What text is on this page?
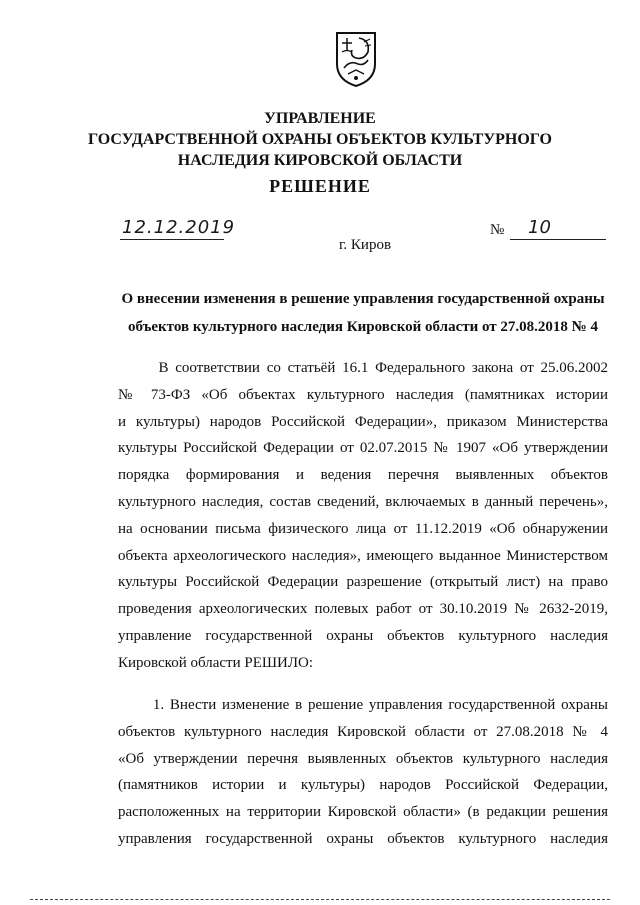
УПРАВЛЕНИЕ
ГОСУДАРСТВЕННОЙ ОХРАНЫ ОБЪЕКТОВ КУЛЬТУРНОГО
НАСЛЕДИЯ КИРОВСКОЙ ОБЛАСТИ
РЕШЕНИЕ
12.12.2019	№ 10
г. Киров
О внесении изменения в решение управления государственной охраны
объектов культурного наследия Кировской области от 27.08.2018 № 4
В соответствии со статьёй 16.1 Федерального закона от 25.06.2002
№ 73-ФЗ «Об объектах культурного наследия (памятниках истории
и культуры) народов Российской Федерации», приказом Министерства
культуры Российской Федерации от 02.07.2015 № 1907 «Об утверждении
порядка формирования и ведения перечня выявленных объектов
культурного наследия, состав сведений, включаемых в данный перечень»,
на основании письма физического лица от 11.12.2019 «Об обнаружении
объекта археологического наследия», имеющего выданное Министерством
культуры Российской Федерации разрешение (открытый лист) на право
проведения археологических полевых работ от 30.10.2019 № 2632-2019,
управление государственной охраны объектов культурного наследия
Кировской области РЕШИЛО:
1. Внести изменение в решение управления государственной охраны
объектов культурного наследия Кировской области от 27.08.2018 № 4
«Об утверждении перечня выявленных объектов культурного наследия
(памятников истории и культуры) народов Российской Федерации,
расположенных на территории Кировской области» (в редакции решения
управления государственной охраны объектов культурного наследия
